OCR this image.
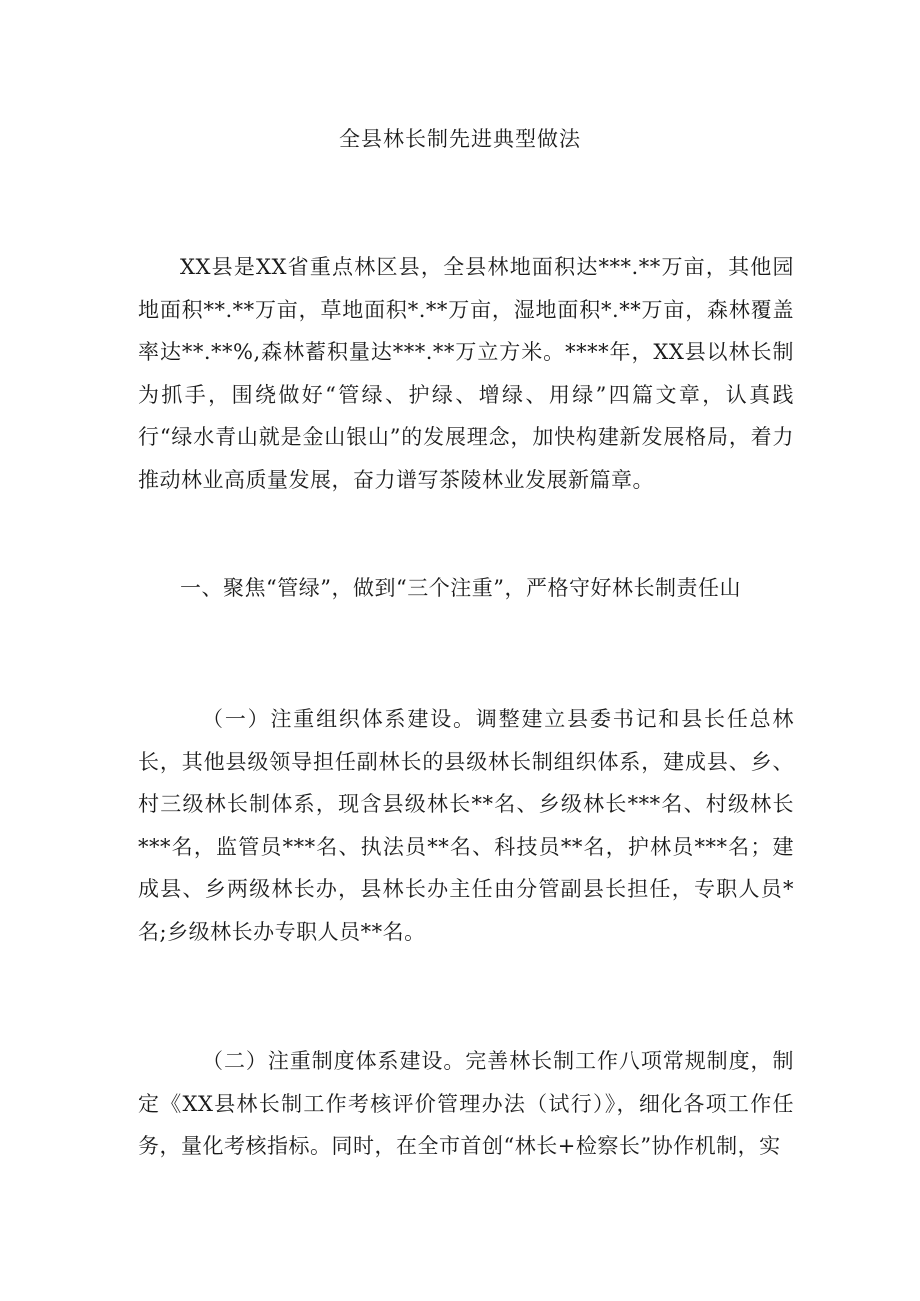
全县林长制先进典型做法

XX县是XX省重点林区县，全县林地面积达***.**万亩，其他园地面积**.**万亩，草地面积*.**万亩，湿地面积*.**万亩，森林覆盖率达**.**%,森林蓄积量达***.**万立方米。****年，XX县以林长制为抓手，围绕做好“管绿、护绿、增绿、用绿”四篇文章，认真践行“绿水青山就是金山银山”的发展理念，加快构建新发展格局，着力推动林业高质量发展，奋力谱写茶陵林业发展新篇章。

一、聚焦“管绿”，做到“三个注重”，严格守好林长制责任山

（一）注重组织体系建设。调整建立县委书记和县长任总林长，其他县级领导担任副林长的县级林长制组织体系，建成县、乡、村三级林长制体系，现含县级林长**名、乡级林长***名、村级林长***名，监管员***名、执法员**名、科技员**名，护林员***名；建成县、乡两级林长办，县林长办主任由分管副县长担任，专职人员*名;乡级林长办专职人员**名。

（二）注重制度体系建设。完善林长制工作八项常规制度，制定《XX县林长制工作考核评价管理办法（试行）》，细化各项工作任务，量化考核指标。同时，在全市首创“林长+检察长”协作机制，实
